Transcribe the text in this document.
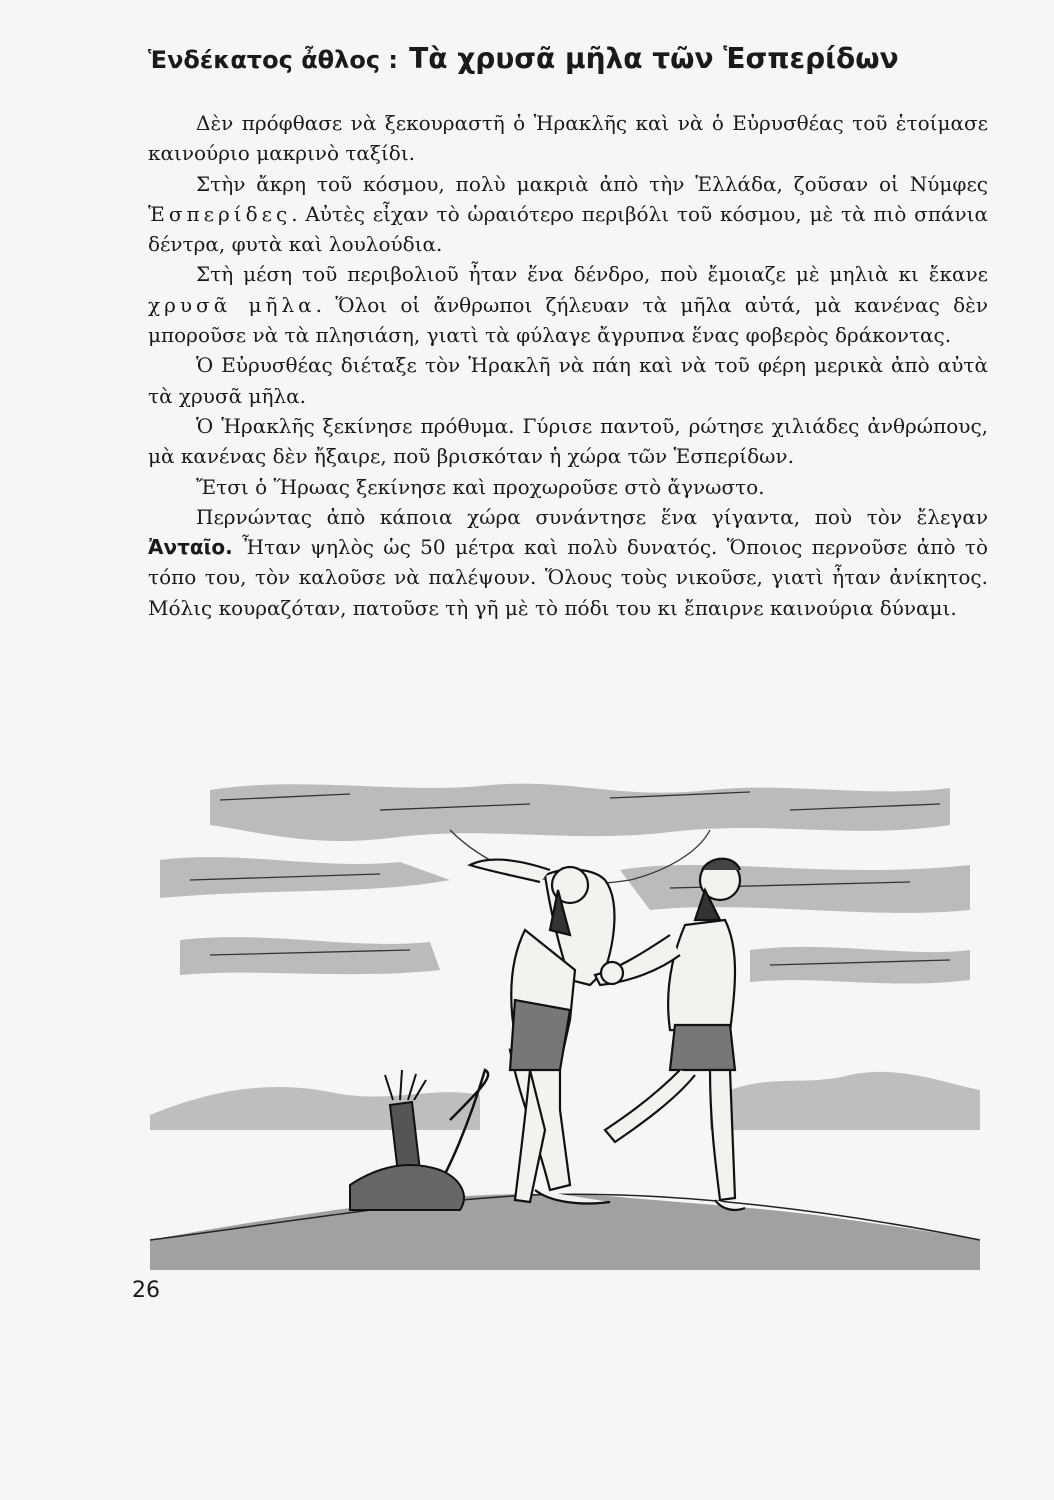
Ἑνδέκατος ἆθλος : Τὰ χρυσᾶ μῆλα τῶν Ἑσπερίδων

Δὲν πρόφθασε νὰ ξεκουραστῆ ὁ Ἡρακλῆς καὶ νὰ ὁ Εὐρυσθέας τοῦ ἑτοίμασε καινούριο μακρινὸ ταξίδι.

Στὴν ἄκρη τοῦ κόσμου, πολὺ μακριὰ ἀπὸ τὴν Ἑλλάδα, ζοῦσαν οἱ Νύμφες Ἑσπερίδες. Αὐτὲς εἶχαν τὸ ὡραιότερο περιβόλι τοῦ κόσμου, μὲ τὰ πιὸ σπάνια δέντρα, φυτὰ καὶ λουλούδια.

Στὴ μέση τοῦ περιβολιοῦ ἦταν ἕνα δένδρο, ποὺ ἔμοιαζε μὲ μηλιὰ κι ἔκανε χρυσᾶ μῆλα. Ὅλοι οἱ ἄνθρωποι ζήλευαν τὰ μῆλα αὐτά, μὰ κανένας δὲν μποροῦσε νὰ τὰ πλησιάση, γιατὶ τὰ φύλαγε ἄγρυπνα ἕνας φοβερὸς δράκοντας.

Ὁ Εὐρυσθέας διέταξε τὸν Ἡρακλῆ νὰ πάη καὶ νὰ τοῦ φέρη μερικὰ ἀπὸ αὐτὰ τὰ χρυσᾶ μῆλα.

Ὁ Ἡρακλῆς ξεκίνησε πρόθυμα. Γύρισε παντοῦ, ρώτησε χιλιάδες ἀνθρώπους, μὰ κανένας δὲν ἤξαιρε, ποῦ βρισκόταν ἡ χώρα τῶν Ἑσπερίδων.

Ἔτσι ὁ Ἥρωας ξεκίνησε καὶ προχωροῦσε στὸ ἄγνωστο.

Περνώντας ἀπὸ κάποια χώρα συνάντησε ἕνα γίγαντα, ποὺ τὸν ἔλεγαν Ἀνταῖο. Ἦταν ψηλὸς ὡς 50 μέτρα καὶ πολὺ δυνατός. Ὅποιος περνοῦσε ἀπὸ τὸ τόπο του, τὸν καλοῦσε νὰ παλέψουν. Ὅλους τοὺς νικοῦσε, γιατὶ ἦταν ἀνίκητος. Μόλις κουραζόταν, πατοῦσε τὴ γῆ μὲ τὸ πόδι του κι ἔπαιρνε καινούρια δύναμι.

26
